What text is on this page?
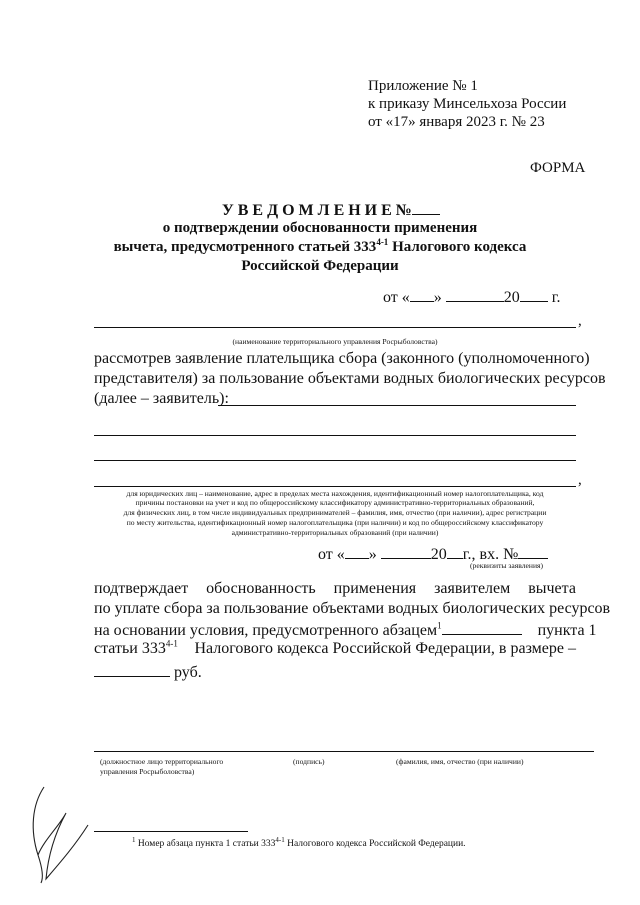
Приложение № 1
к приказу Минсельхоза России
от «17» января 2023 г. № 23
ФОРМА
У В Е Д О М Л Е Н И Е №
о подтверждении обоснованности применения
вычета, предусмотренного статьей 333$^{4-1}$ Налогового кодекса
Российской Федерации
от « »	20 г.
,
(наименование территориального управления Росрыболовства)
рассмотрев заявление плательщика сбора (законного (уполномоченного)
представителя) за пользование объектами водных биологических ресурсов
(далее – заявитель):
,
для юридических лиц – наименование, адрес в пределах места нахождения, идентификационный номер налогоплательщика, код
причины постановки на учет и код по общероссийскому классификатору административно-территориальных образований,
для физических лиц, в том числе индивидуальных предпринимателей – фамилия, имя, отчество (при наличии), адрес регистрации
по месту жительства, идентификационный номер налогоплательщика (при наличии) и код по общероссийскому классификатору
административно-территориальных образований (при наличии)
от « »	20 г., вх. №
(реквизиты заявления)
подтверждает обоснованность применения заявителем вычета
по уплате сбора за пользование объектами водных биологических ресурсов
на основании условия, предусмотренного абзацем$^1$	пункта 1
статьи 333$^{4-1}$ Налогового кодекса Российской Федерации, в размере –
руб.
(должностное лицо территориального
управления Росрыболовства)
(подпись)	(фамилия, имя, отчество (при наличии)
$^1$ Номер абзаца пункта 1 статьи 333$^{4-1}$ Налогового кодекса Российской Федерации.
